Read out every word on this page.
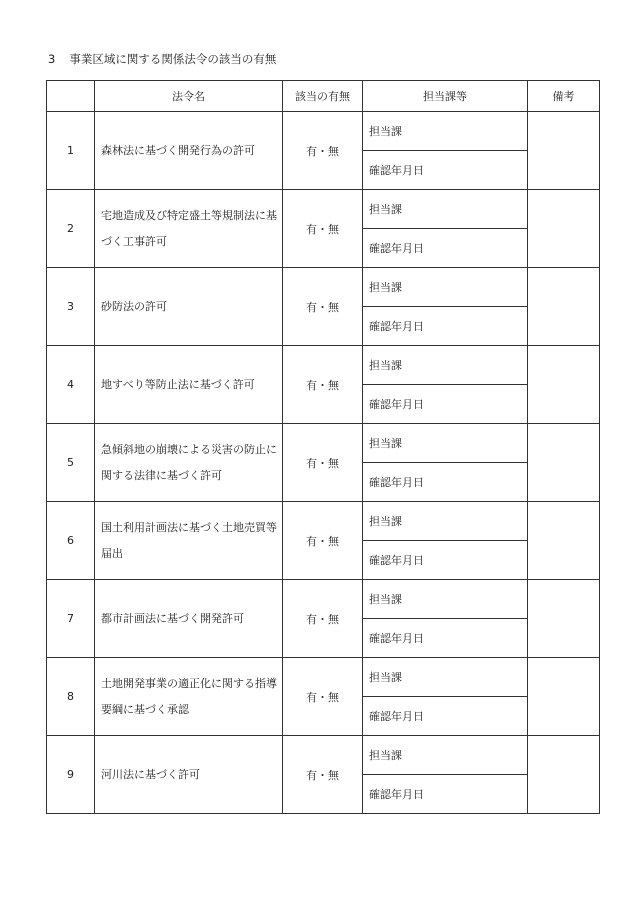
3 事業区域に関する関係法令の該当の有無
	法令名	該当の有無	担当課等	備考
1	森林法に基づく開発行為の許可	有・無	担当課	
			確認年月日	
2	宅地造成及び特定盛土等規制法に基づく工事許可	有・無	担当課	
			確認年月日	
3	砂防法の許可	有・無	担当課	
			確認年月日	
4	地すべり等防止法に基づく許可	有・無	担当課	
			確認年月日	
5	急傾斜地の崩壊による災害の防止に関する法律に基づく許可	有・無	担当課	
			確認年月日	
6	国土利用計画法に基づく土地売買等届出	有・無	担当課	
			確認年月日	
7	都市計画法に基づく開発許可	有・無	担当課	
			確認年月日	
8	土地開発事業の適正化に関する指導要綱に基づく承認	有・無	担当課	
			確認年月日	
9	河川法に基づく許可	有・無	担当課	
			確認年月日	
